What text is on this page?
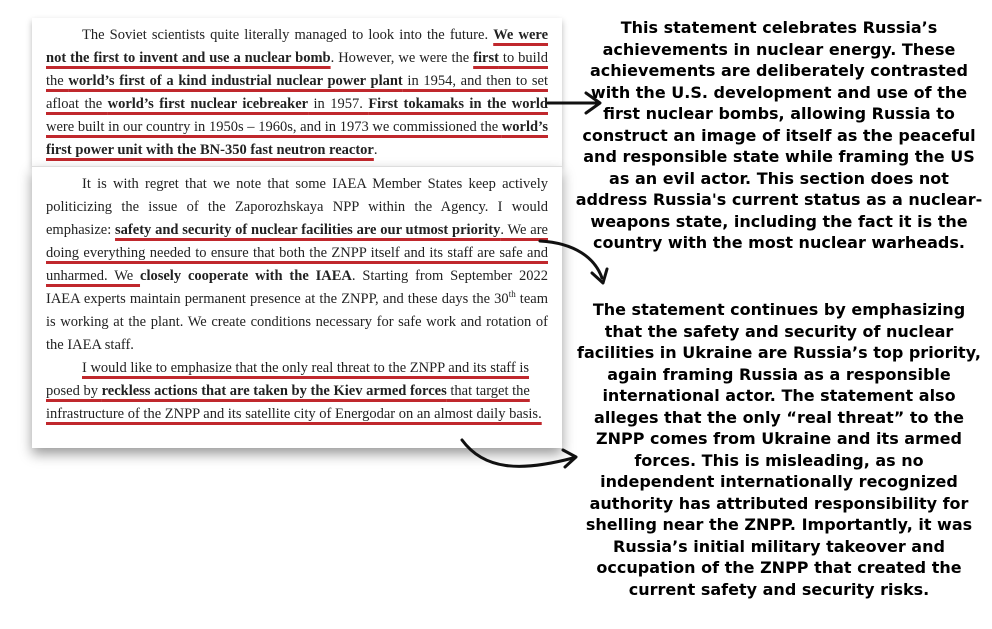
The Soviet scientists quite literally managed to look into the future. We were not the first to invent and use a nuclear bomb. However, we were the first to build the world’s first of a kind industrial nuclear power plant in 1954, and then to set afloat the world’s first nuclear icebreaker in 1957. First tokamaks in the world were built in our country in 1950s – 1960s, and in 1973 we commissioned the world’s first power unit with the BN-350 fast neutron reactor.

It is with regret that we note that some IAEA Member States keep actively politicizing the issue of the Zaporozhskaya NPP within the Agency. I would emphasize: safety and security of nuclear facilities are our utmost priority. We are doing everything needed to ensure that both the ZNPP itself and its staff are safe and unharmed. We closely cooperate with the IAEA. Starting from September 2022 IAEA experts maintain permanent presence at the ZNPP, and these days the 30th team is working at the plant. We create conditions necessary for safe work and rotation of the IAEA staff.

I would like to emphasize that the only real threat to the ZNPP and its staff is posed by reckless actions that are taken by the Kiev armed forces that target the infrastructure of the ZNPP and its satellite city of Energodar on an almost daily basis.

This statement celebrates Russia’s achievements in nuclear energy. These achievements are deliberately contrasted with the U.S. development and use of the first nuclear bombs, allowing Russia to construct an image of itself as the peaceful and responsible state while framing the US as an evil actor. This section does not address Russia's current status as a nuclear-weapons state, including the fact it is the country with the most nuclear warheads.
The statement continues by emphasizing that the safety and security of nuclear facilities in Ukraine are Russia’s top priority, again framing Russia as a responsible international actor. The statement also alleges that the only “real threat” to the ZNPP comes from Ukraine and its armed forces. This is misleading, as no independent internationally recognized authority has attributed responsibility for shelling near the ZNPP. Importantly, it was Russia’s initial military takeover and occupation of the ZNPP that created the current safety and security risks.
